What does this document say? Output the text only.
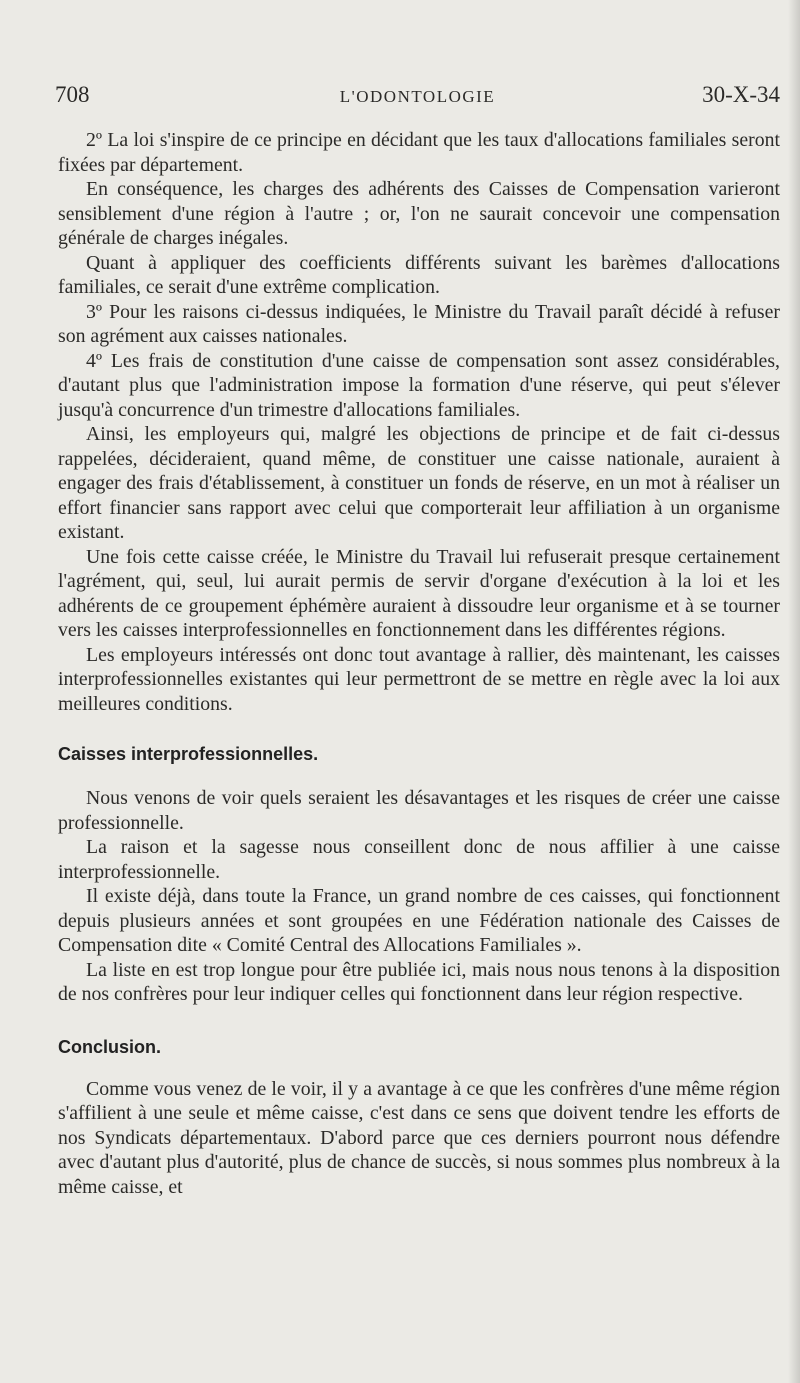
708	L'ODONTOLOGIE	30-X-34

2º La loi s'inspire de ce principe en décidant que les taux d'allocations familiales seront fixées par département.

En conséquence, les charges des adhérents des Caisses de Compensation varieront sensiblement d'une région à l'autre ; or, l'on ne saurait concevoir une compensation générale de charges inégales.

Quant à appliquer des coefficients différents suivant les barèmes d'allocations familiales, ce serait d'une extrême complication.

3º Pour les raisons ci-dessus indiquées, le Ministre du Travail paraît décidé à refuser son agrément aux caisses nationales.

4º Les frais de constitution d'une caisse de compensation sont assez considérables, d'autant plus que l'administration impose la formation d'une réserve, qui peut s'élever jusqu'à concurrence d'un trimestre d'allocations familiales.

Ainsi, les employeurs qui, malgré les objections de principe et de fait ci-dessus rappelées, décideraient, quand même, de constituer une caisse nationale, auraient à engager des frais d'établissement, à constituer un fonds de réserve, en un mot à réaliser un effort financier sans rapport avec celui que comporterait leur affiliation à un organisme existant.

Une fois cette caisse créée, le Ministre du Travail lui refuserait presque certainement l'agrément, qui, seul, lui aurait permis de servir d'organe d'exécution à la loi et les adhérents de ce groupement éphémère auraient à dissoudre leur organisme et à se tourner vers les caisses interprofessionnelles en fonctionnement dans les différentes régions.

Les employeurs intéressés ont donc tout avantage à rallier, dès maintenant, les caisses interprofessionnelles existantes qui leur permettront de se mettre en règle avec la loi aux meilleures conditions.

Caisses interprofessionnelles.

Nous venons de voir quels seraient les désavantages et les risques de créer une caisse professionnelle.

La raison et la sagesse nous conseillent donc de nous affilier à une caisse interprofessionnelle.

Il existe déjà, dans toute la France, un grand nombre de ces caisses, qui fonctionnent depuis plusieurs années et sont groupées en une Fédération nationale des Caisses de Compensation dite « Comité Central des Allocations Familiales ».

La liste en est trop longue pour être publiée ici, mais nous nous tenons à la disposition de nos confrères pour leur indiquer celles qui fonctionnent dans leur région respective.

Conclusion.

Comme vous venez de le voir, il y a avantage à ce que les confrères d'une même région s'affilient à une seule et même caisse, c'est dans ce sens que doivent tendre les efforts de nos Syndicats départementaux. D'abord parce que ces derniers pourront nous défendre avec d'autant plus d'autorité, plus de chance de succès, si nous sommes plus nombreux à la même caisse, et
